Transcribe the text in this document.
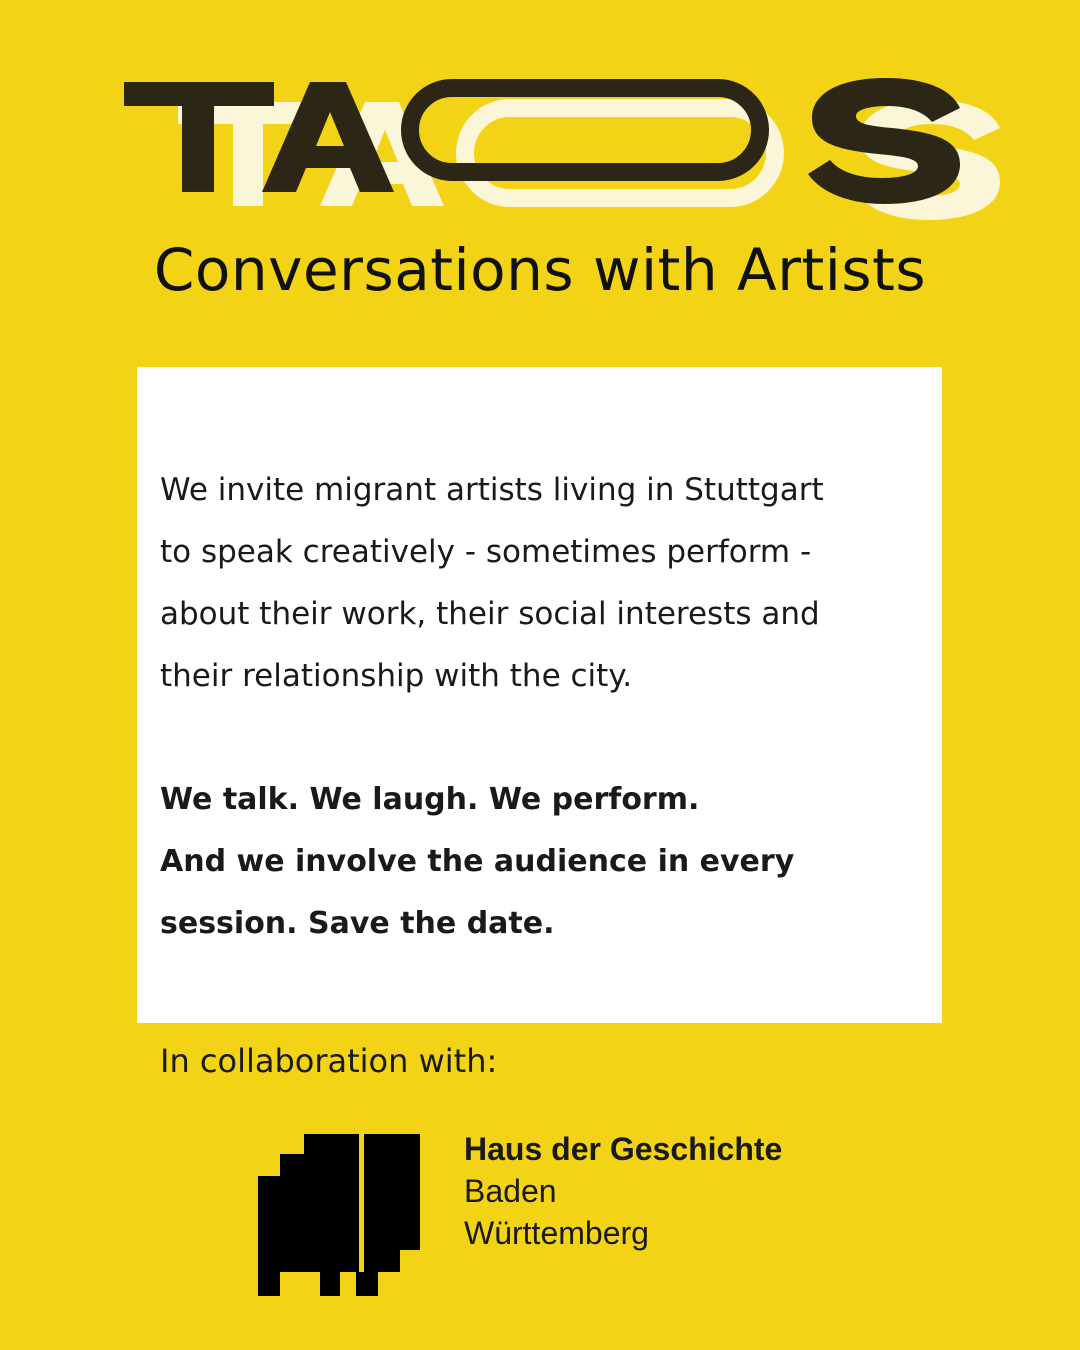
Conversations with Artists

We invite migrant artists living in Stuttgart
to speak creatively - sometimes perform -
about their work, their social interests and
their relationship with the city.

We talk. We laugh. We perform.
And we involve the audience in every
session. Save the date.

In collaboration with:
Haus der Geschichte
Baden
Württemberg
